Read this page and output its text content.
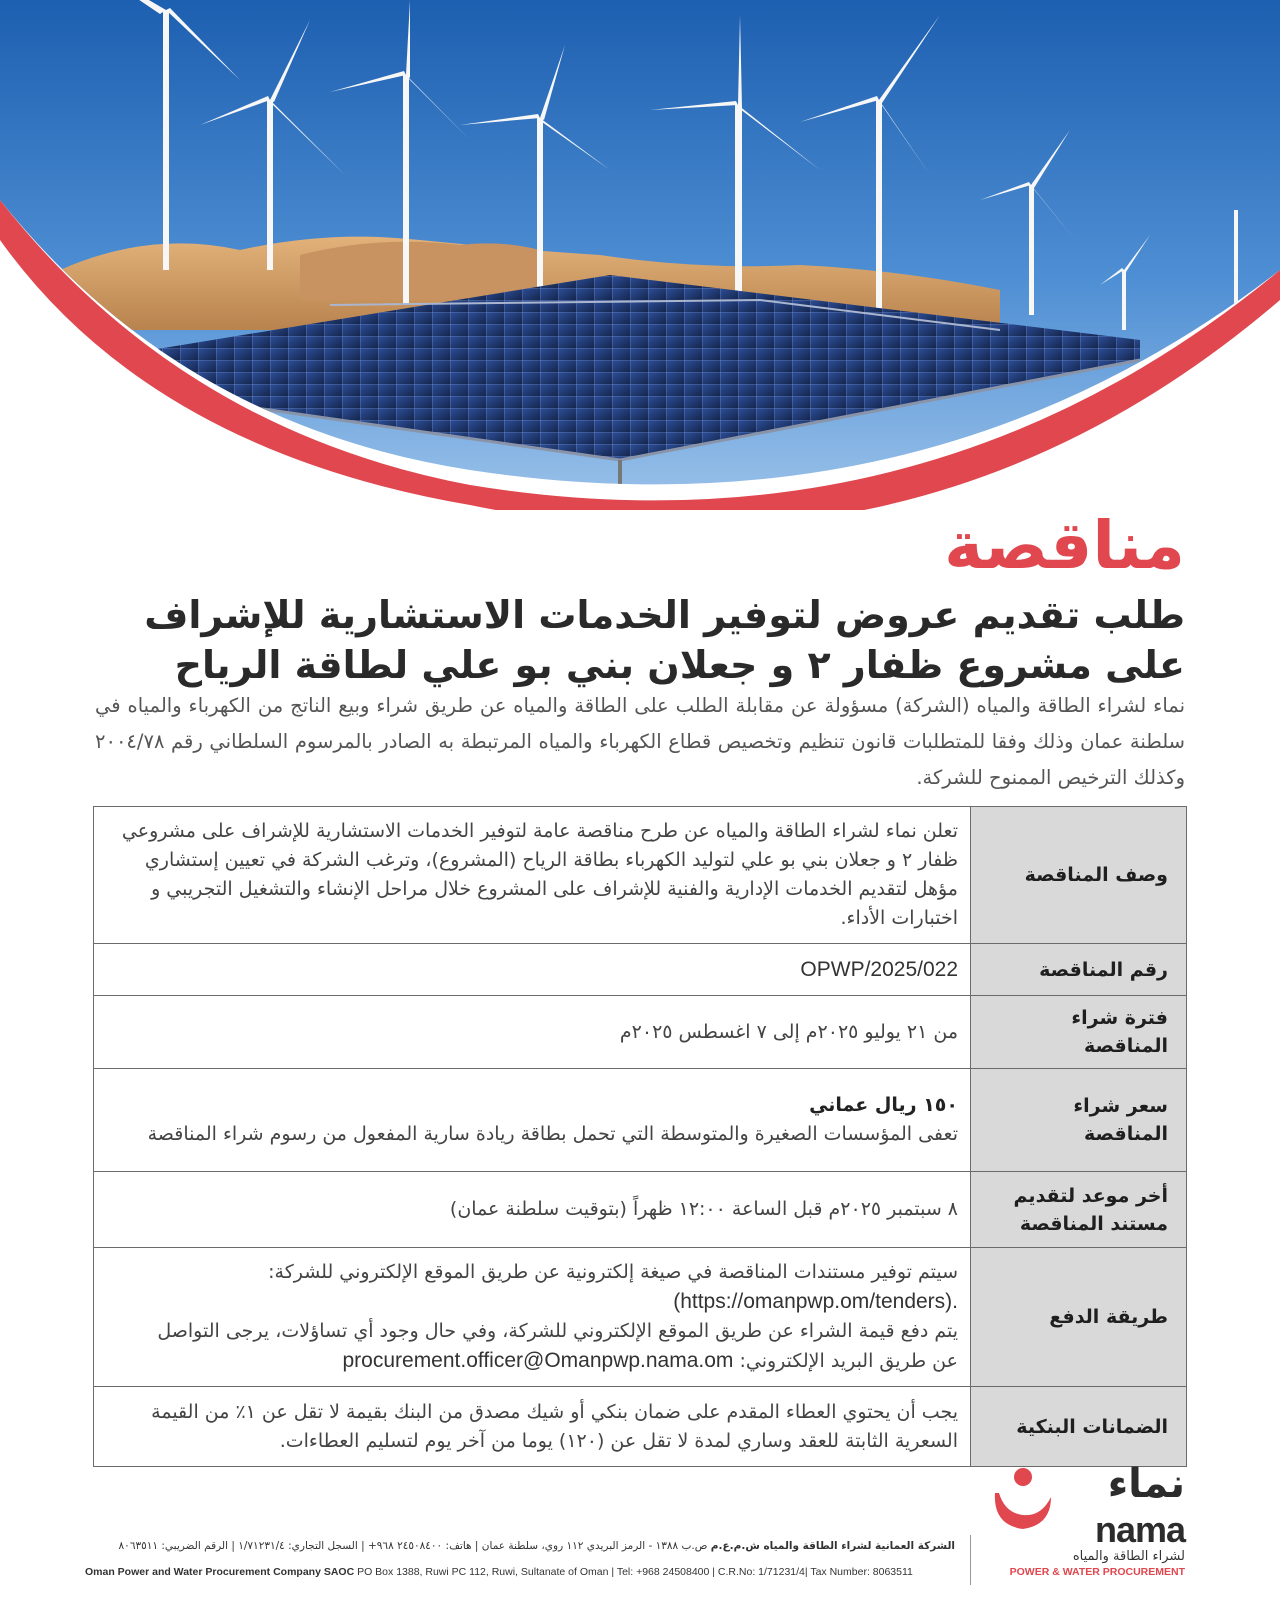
مناقصة
طلب تقديم عروض لتوفير الخدمات الاستشارية للإشراف على مشروع ظفار ٢ و جعلان بني بو علي لطاقة الرياح
نماء لشراء الطاقة والمياه (الشركة) مسؤولة عن مقابلة الطلب على الطاقة والمياه عن طريق شراء وبيع الناتج من الكهرباء والمياه في سلطنة عمان وذلك وفقا للمتطلبات قانون تنظيم وتخصيص قطاع الكهرباء والمياه المرتبطة به الصادر بالمرسوم السلطاني رقم ٢٠٠٤/٧٨ وكذلك الترخيص الممنوح للشركة.
وصف المناقصة	تعلن نماء لشراء الطاقة والمياه عن طرح مناقصة عامة لتوفير الخدمات الاستشارية للإشراف على مشروعي ظفار ٢ و جعلان بني بو علي لتوليد الكهرباء بطاقة الرياح (المشروع)، وترغب الشركة في تعيين إستشاري مؤهل لتقديم الخدمات الإدارية والفنية للإشراف على المشروع خلال مراحل الإنشاء والتشغيل التجريبي و اختبارات الأداء.
رقم المناقصة	OPWP/2025/022
فترة شراء المناقصة	من ٢١ يوليو ٢٠٢٥م إلى ٧ اغسطس ٢٠٢٥م
سعر شراء المناقصة	١٥٠ ريال عماني
تعفى المؤسسات الصغيرة والمتوسطة التي تحمل بطاقة ريادة سارية المفعول من رسوم شراء المناقصة

أخر موعد لتقديم مستند المناقصة	٨ سبتمبر ٢٠٢٥م قبل الساعة ١٢:٠٠ ظهراً (بتوقيت سلطنة عمان)
طريقة الدفع	سيتم توفير مستندات المناقصة في صيغة إلكترونية عن طريق الموقع الإلكتروني للشركة:
(https://omanpwp.om/tenders).
يتم دفع قيمة الشراء عن طريق الموقع الإلكتروني للشركة، وفي حال وجود أي تساؤلات، يرجى التواصل
عن طريق البريد الإلكتروني: procurement.officer@Omanpwp.nama.om

الضمانات البنكية	يجب أن يحتوي العطاء المقدم على ضمان بنكي أو شيك مصدق من البنك بقيمة لا تقل عن ١٪ من القيمة السعرية الثابتة للعقد وساري لمدة لا تقل عن (١٢٠) يوما من آخر يوم لتسليم العطاءات.
نماء
nama
لشراء الطاقة والمياه
POWER & WATER PROCUREMENT
الشركة العمانية لشراء الطاقة والمياه ش.م.ع.م ص.ب ١٣٨٨ - الرمز البريدي ١١٢ روي، سلطنة عمان | هاتف: ٢٤٥٠٨٤٠٠ ٩٦٨+ | السجل التجاري: ١/٧١٢٣١/٤ | الرقم الضريبي: ٨٠٦٣٥١١
Oman Power and Water Procurement Company SAOC PO Box 1388, Ruwi PC 112, Ruwi, Sultanate of Oman | Tel: +968 24508400 | C.R.No: 1/71231/4| Tax Number: 8063511
